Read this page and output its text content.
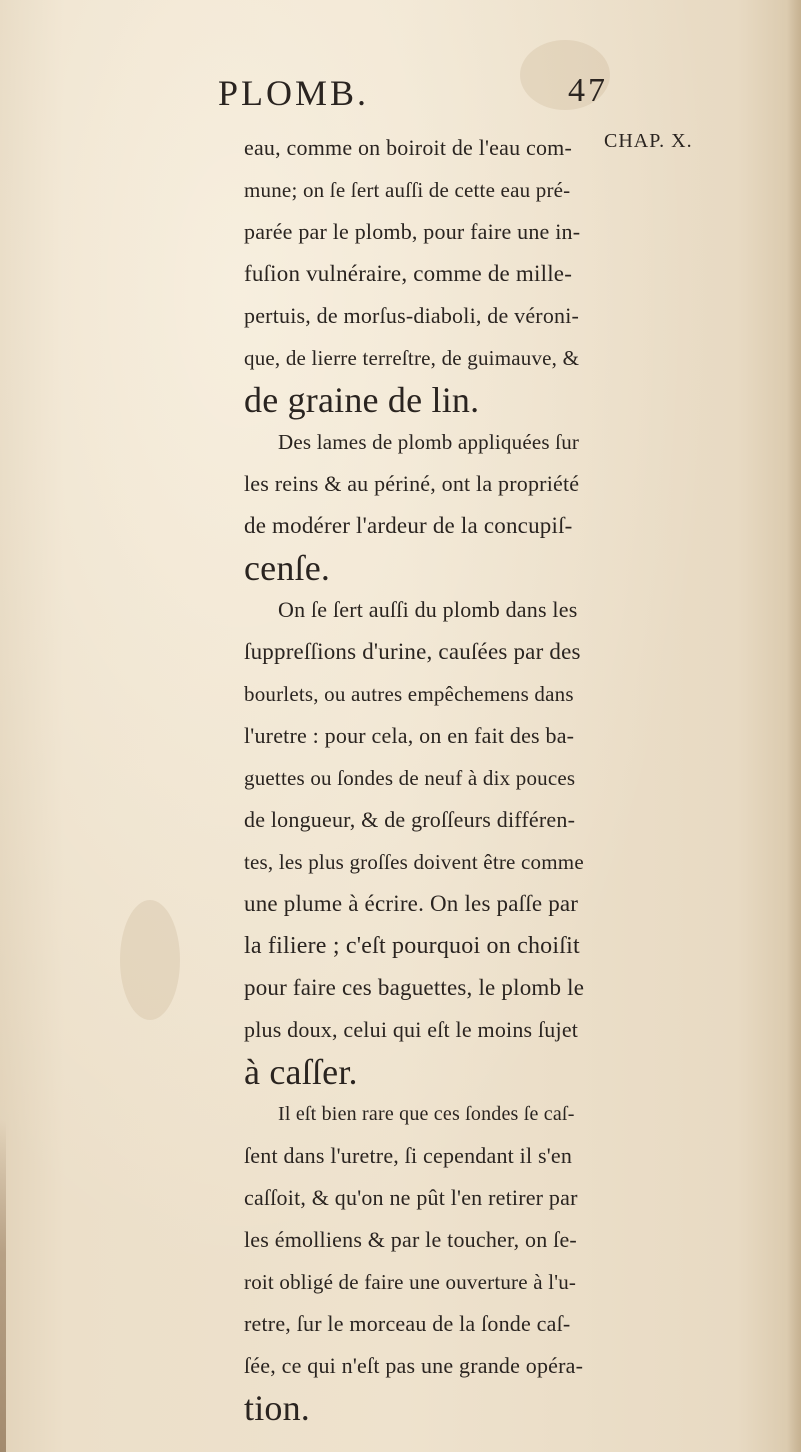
PLOMB.	47
CHAP. X.
eau, comme on boiroit de l'eau com-
mune; on ſe ſert auſſi de cette eau pré-
parée par le plomb, pour faire une in-
fuſion vulnéraire, comme de mille-
pertuis, de morſus-diaboli, de véroni-
que, de lierre terreſtre, de guimauve, &
de graine de lin.
Des lames de plomb appliquées ſur
les reins & au périné, ont la propriété
de modérer l'ardeur de la concupiſ-
cenſe.
On ſe ſert auſſi du plomb dans les
ſuppreſſions d'urine, cauſées par des
bourlets, ou autres empêchemens dans
l'uretre : pour cela, on en fait des ba-
guettes ou ſondes de neuf à dix pouces
de longueur, & de groſſeurs différen-
tes, les plus groſſes doivent être comme
une plume à écrire. On les paſſe par
la filiere ; c'eſt pourquoi on choiſit
pour faire ces baguettes, le plomb le
plus doux, celui qui eſt le moins ſujet
à caſſer.
Il eſt bien rare que ces ſondes ſe caſ-
ſent dans l'uretre, ſi cependant il s'en
caſſoit, & qu'on ne pût l'en retirer par
les émolliens & par le toucher, on ſe-
roit obligé de faire une ouverture à l'u-
retre, ſur le morceau de la ſonde caſ-
ſée, ce qui n'eſt pas une grande opéra-
tion.
